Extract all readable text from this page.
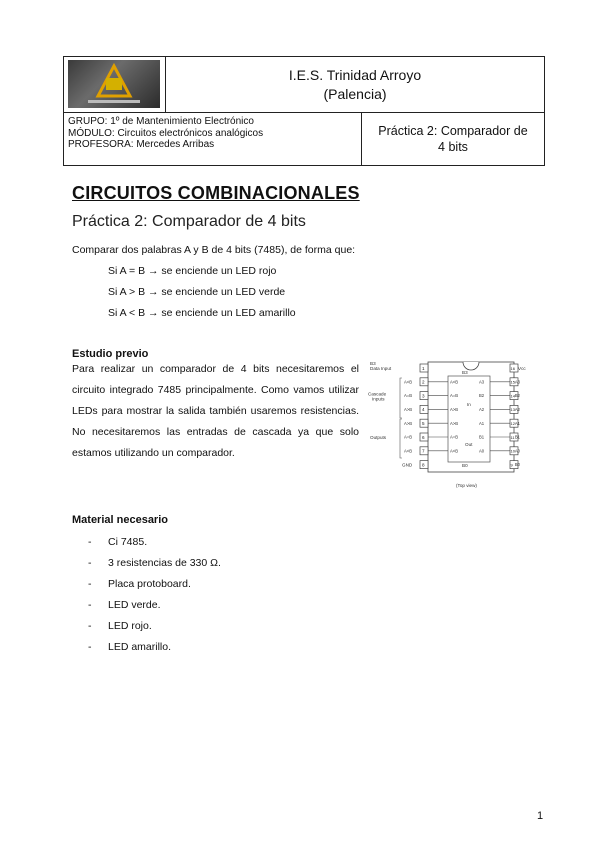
I.E.S. Trinidad Arroyo
(Palencia)
GRUPO: 1º de Mantenimiento Electrónico
MÓDULO: Circuitos electrónicos analógicos
PROFESORA: Mercedes Arribas
Práctica 2: Comparador de
4 bits
CIRCUITOS COMBINACIONALES
Práctica 2: Comparador de 4 bits
Comparar dos palabras A y B de 4 bits (7485), de forma que:
Si A = B → se enciende un LED rojo
Si A > B → se enciende un LED verde
Si A < B → se enciende un LED amarillo
Estudio previo
Para realizar un comparador de 4 bits necesitaremos el circuito integrado 7485 principalmente. Como vamos utilizar LEDs para mostrar la salida también usaremos resistencias. No necesitaremos las entradas de cascada ya que solo estamos utilizando un comparador.
Material necesario
- Ci 7485.
- 3 resistencias de 330 Ω.
- Placa protoboard.
- LED verde.
- LED rojo.
- LED amarillo.
B3
B0
In
Out
1	16
2	15
A<B	A3
A<B	A3
3	14
A=B	B2
A=B	B2
4	13
A>B	A2
A>B	A2
5	12
A>B	A1
A>B	A1
6	11
A=B	B1
A=B	B1
7	10
A<B	A0
A<B	A0
8	9 B0
B3
Data Input
Cascade
Inputs
Outputs
GND
Vcc
(Top view)
1
